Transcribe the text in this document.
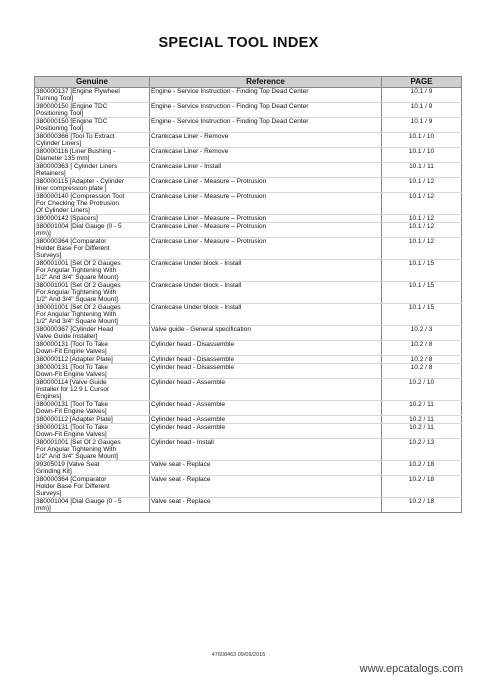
SPECIAL TOOL INDEX
Genuine	Reference	PAGE
380000137 [Engine Flywheel
Turning Tool]	Engine - Service Instruction - Finding Top Dead Center	10.1 / 9
380000150 [Engine TDC
Positioning Tool]	Engine - Service Instruction - Finding Top Dead Center	10.1 / 9
380000150 [Engine TDC
Positioning Tool]	Engine - Service Instruction - Finding Top Dead Center	10.1 / 9
380000366 [Tool To Extract
Cylinder Liners]	Crankcase Liner - Remove	10.1 / 10
380000116 [Liner Bushing -
Diameter 135 mm]	Crankcase Liner - Remove	10.1 / 10
380000363 [ Cylinder Liners
Retainers]	Crankcase Liner - Install	10.1 / 11
380000115 [Adapter - Cylinder
liner compression plate ]	Crankcase Liner - Measure – Protrusion	10.1 / 12
380000140 [Compression Tool
For Checking The Protrusion
Of Cylinder Liners]	Crankcase Liner - Measure – Protrusion	10.1 / 12
380000142 [Spacers]	Crankcase Liner - Measure – Protrusion	10.1 / 12
380001004 [Dial Gauge (0 - 5
mm)]	Crankcase Liner - Measure – Protrusion	10.1 / 12
380000364 [Comparator
Holder Base For Different
Surveys]	Crankcase Liner - Measure – Protrusion	10.1 / 12
380001001 [Set Of 2 Gauges
For Angular Tightening With
1/2" And 3/4" Square Mount]	Crankcase Under block - Install	10.1 / 15
380001001 [Set Of 2 Gauges
For Angular Tightening With
1/2" And 3/4" Square Mount]	Crankcase Under block - Install	10.1 / 15
380001001 [Set Of 2 Gauges
For Angular Tightening With
1/2" And 3/4" Square Mount]	Crankcase Under block - Install	10.1 / 15
380000367 [Cylinder Head
Valve Guide Installer]	Valve guide - General specification	10.2 / 3
380000131 [Tool To Take
Down-Fit Engine Valves]	Cylinder head - Disassemble	10.2 / 8
380000112 [Adapter Plate]	Cylinder head - Disassemble	10.2 / 8
380000131 [Tool To Take
Down-Fit Engine Valves]	Cylinder head - Disassemble	10.2 / 8
380000114 [Valve Guide
Installer for 12.9 L Cursor
Engines]	Cylinder head - Assemble	10.2 / 10
380000131 [Tool To Take
Down-Fit Engine Valves]	Cylinder head - Assemble	10.2 / 11
380000112 [Adapter Plate]	Cylinder head - Assemble	10.2 / 11
380000131 [Tool To Take
Down-Fit Engine Valves]	Cylinder head - Assemble	10.2 / 11
380001001 [Set Of 2 Gauges
For Angular Tightening With
1/2" And 3/4" Square Mount]	Cylinder head - Install	10.2 / 13
99305019 [Valve Seat
Grinding Kit]	Valve seat - Replace	10.2 / 18
380000364 [Comparator
Holder Base For Different
Surveys]	Valve seat - Replace	10.2 / 18
380001004 [Dial Gauge (0 - 5
mm)]	Valve seat - Replace	10.2 / 18
47608463 09/09/2015
www.epcatalogs.com
